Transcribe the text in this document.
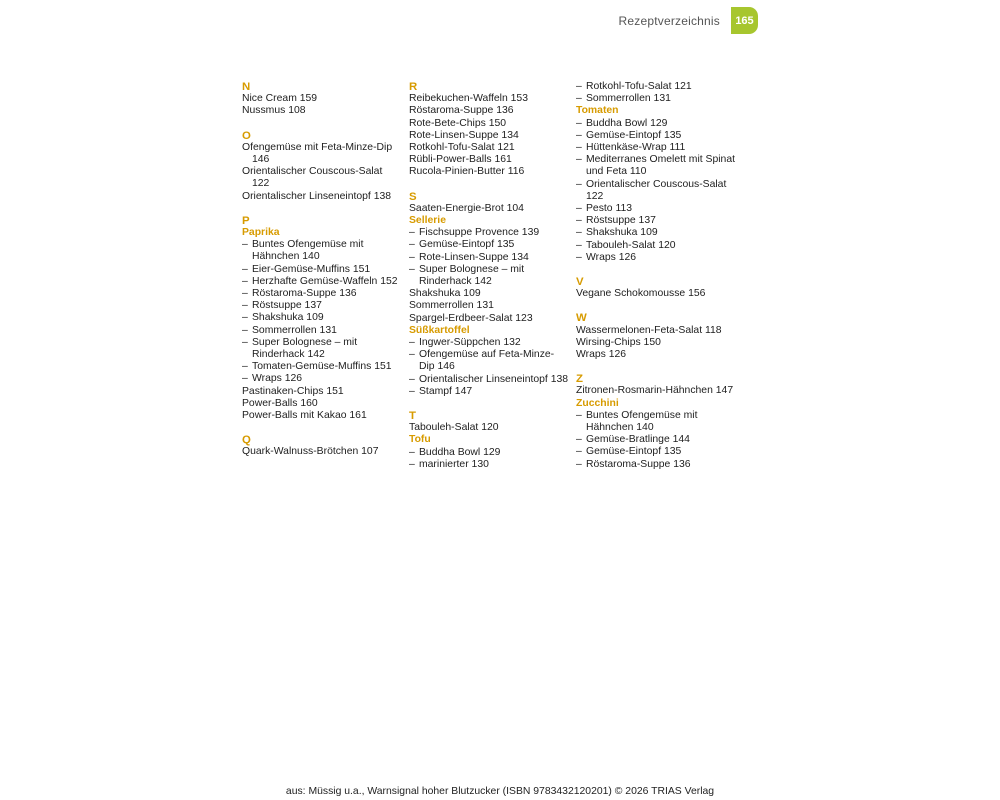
Rezeptverzeichnis	165
N
Nice Cream 159
Nussmus 108
O
Ofengemüse mit Feta-Minze-Dip 146
Orientalischer Couscous-Salat 122
Orientalischer Linseneintopf 138
P
Paprika
– Buntes Ofengemüse mit Hähnchen 140
– Eier-Gemüse-Muffins 151
– Herzhafte Gemüse-Waffeln 152
– Röstaroma-Suppe 136
– Röstsuppe 137
– Shakshuka 109
– Sommerrollen 131
– Super Bolognese – mit Rinderhack 142
– Tomaten-Gemüse-Muffins 151
– Wraps 126
Pastinaken-Chips 151
Power-Balls 160
Power-Balls mit Kakao 161
Q
Quark-Walnuss-Brötchen 107
R
Reibekuchen-Waffeln 153
Röstaroma-Suppe 136
Rote-Bete-Chips 150
Rote-Linsen-Suppe 134
Rotkohl-Tofu-Salat 121
Rübli-Power-Balls 161
Rucola-Pinien-Butter 116
S
Saaten-Energie-Brot 104
Sellerie
– Fischsuppe Provence 139
– Gemüse-Eintopf 135
– Rote-Linsen-Suppe 134
– Super Bolognese – mit Rinderhack 142
Shakshuka 109
Sommerrollen 131
Spargel-Erdbeer-Salat 123
Süßkartoffel
– Ingwer-Süppchen 132
– Ofengemüse auf Feta-Minze-Dip 146
– Orientalischer Linseneintopf 138
– Stampf 147
T
Tabouleh-Salat 120
Tofu
– Buddha Bowl 129
– marinierter 130
– Rotkohl-Tofu-Salat 121
– Sommerrollen 131
Tomaten
– Buddha Bowl 129
– Gemüse-Eintopf 135
– Hüttenkäse-Wrap 111
– Mediterranes Omelett mit Spinat und Feta 110
– Orientalischer Couscous-Salat 122
– Pesto 113
– Röstsuppe 137
– Shakshuka 109
– Tabouleh-Salat 120
– Wraps 126
V
Vegane Schokomousse 156
W
Wassermelonen-Feta-Salat 118
Wirsing-Chips 150
Wraps 126
Z
Zitronen-Rosmarin-Hähnchen 147
Zucchini
– Buntes Ofengemüse mit Hähnchen 140
– Gemüse-Bratlinge 144
– Gemüse-Eintopf 135
– Röstaroma-Suppe 136
aus: Müssig u.a., Warnsignal hoher Blutzucker (ISBN 9783432120201) © 2026 TRIAS Verlag
